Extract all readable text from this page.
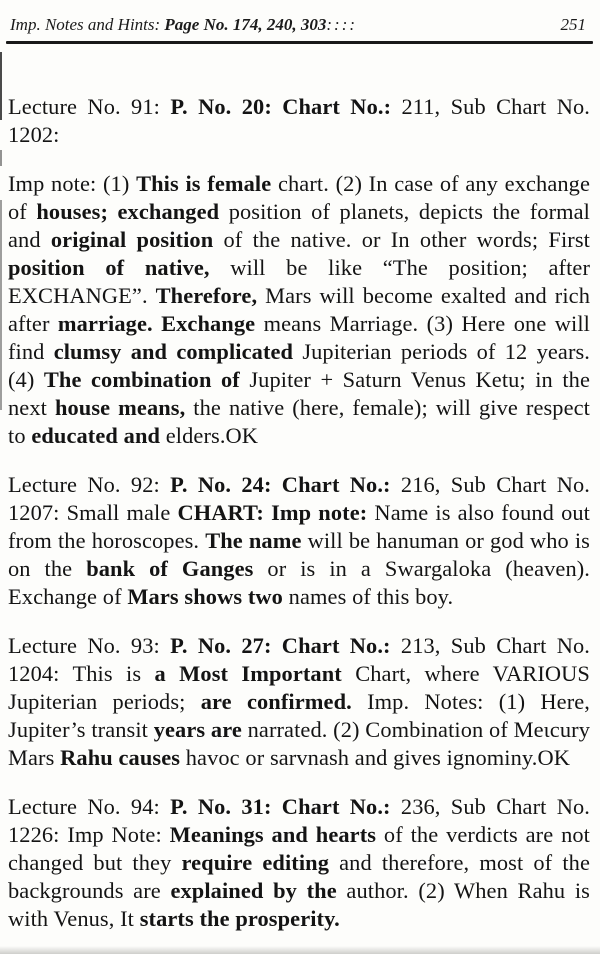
Imp. Notes and Hints: Page No. 174, 240, 303::::	251

Lecture No. 91: P. No. 20: Chart No.: 211, Sub Chart No. 1202:

Imp note: (1) This is female chart. (2) In case of any exchange of houses; exchanged position of planets, depicts the formal and original position of the native. or In other words; First position of native, will be like “The position; after EXCHANGE”. Therefore, Mars will become exalted and rich after marriage. Exchange means Marriage. (3) Here one will find clumsy and complicated Jupiterian periods of 12 years. (4) The combination of Jupiter + Saturn Venus Ketu; in the next house means, the native (here, female); will give respect to educated and elders.OK

Lecture No. 92: P. No. 24: Chart No.: 216, Sub Chart No. 1207: Small male CHART: Imp note: Name is also found out from the horoscopes. The name will be hanuman or god who is on the bank of Ganges or is in a Swargaloka (heaven). Exchange of Mars shows two names of this boy.

Lecture No. 93: P. No. 27: Chart No.: 213, Sub Chart No. 1204: This is a Most Important Chart, where VARIOUS Jupiterian periods; are confirmed. Imp. Notes: (1) Here, Jupiter’s transit years are narrated. (2) Combination of Meιcury Mars Rahu causes havoc or sarvnash and gives ignominy.OK

Lecture No. 94: P. No. 31: Chart No.: 236, Sub Chart No. 1226: Imp Note: Meanings and hearts of the verdicts are not changed but they require editing and therefore, most of the backgrounds are explained by the author. (2) When Rahu is with Venus, It starts the prosperity.
